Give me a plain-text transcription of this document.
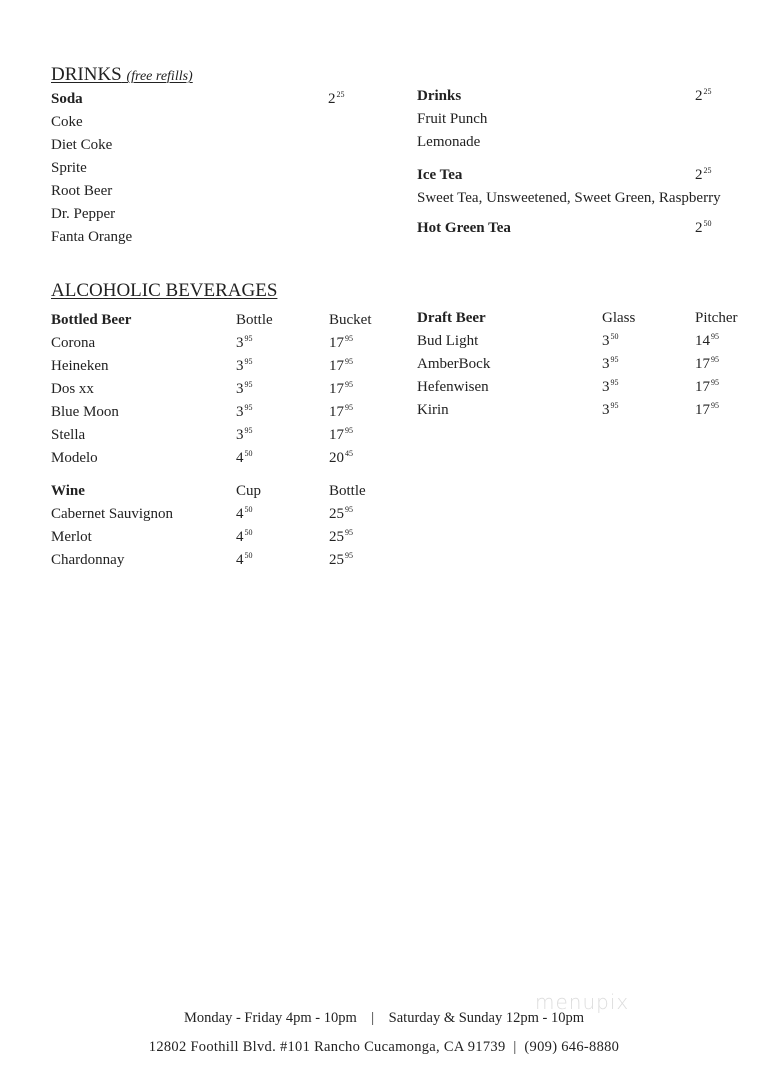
DRINKS (free refills)
Soda	$2^{25}$
Coke
Diet Coke
Sprite
Root Beer
Dr. Pepper
Fanta Orange
Drinks	$2^{25}$
Fruit Punch
Lemonade
Ice Tea	$2^{25}$
Sweet Tea, Unsweetened, Sweet Green, Raspberry
Hot Green Tea	$2^{50}$
ALCOHOLIC BEVERAGES
Bottled Beer	Bottle	Bucket
Corona	$3^{95}$	$17^{95}$
Heineken	$3^{95}$	$17^{95}$
Dos xx	$3^{95}$	$17^{95}$
Blue Moon	$3^{95}$	$17^{95}$
Stella	$3^{95}$	$17^{95}$
Modelo	$4^{50}$	$20^{45}$
Wine	Cup	Bottle
Cabernet Sauvignon	$4^{50}$	$25^{95}$
Merlot	$4^{50}$	$25^{95}$
Chardonnay	$4^{50}$	$25^{95}$
Draft Beer	Glass	Pitcher
Bud Light	$3^{50}$	$14^{95}$
AmberBock	$3^{95}$	$17^{95}$
Hefenwisen	$3^{95}$	$17^{95}$
Kirin	$3^{95}$	$17^{95}$
menupix
Monday - Friday 4pm - 10pm    |    Saturday & Sunday 12pm - 10pm
12802 Foothill Blvd. #101 Rancho Cucamonga, CA 91739  |  (909) 646-8880
